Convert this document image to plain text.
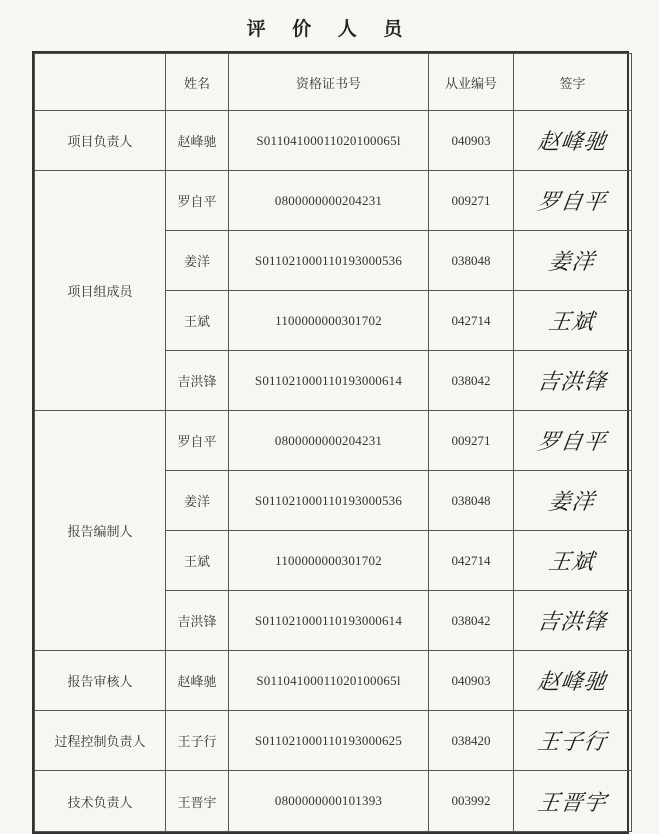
评 价 人 员
	姓名	资格证书号	从业编号	签字
项目负责人	赵峰驰	S01104100011020100065l	040903	赵峰驰
项目组成员	罗自平	0800000000204231	009271	罗自平
	姜洋	S011021000110193000536	038048	姜洋
	王斌	1100000000301702	042714	王斌
	吉洪锋	S011021000110193000614	038042	吉洪锋
报告编制人	罗自平	0800000000204231	009271	罗自平
	姜洋	S011021000110193000536	038048	姜洋
	王斌	1100000000301702	042714	王斌
	吉洪锋	S011021000110193000614	038042	吉洪锋
报告审核人	赵峰驰	S01104100011020100065l	040903	赵峰驰
过程控制负责人	王子行	S011021000110193000625	038420	王子行
技术负责人	王晋宇	0800000000101393	003992	王晋宇
